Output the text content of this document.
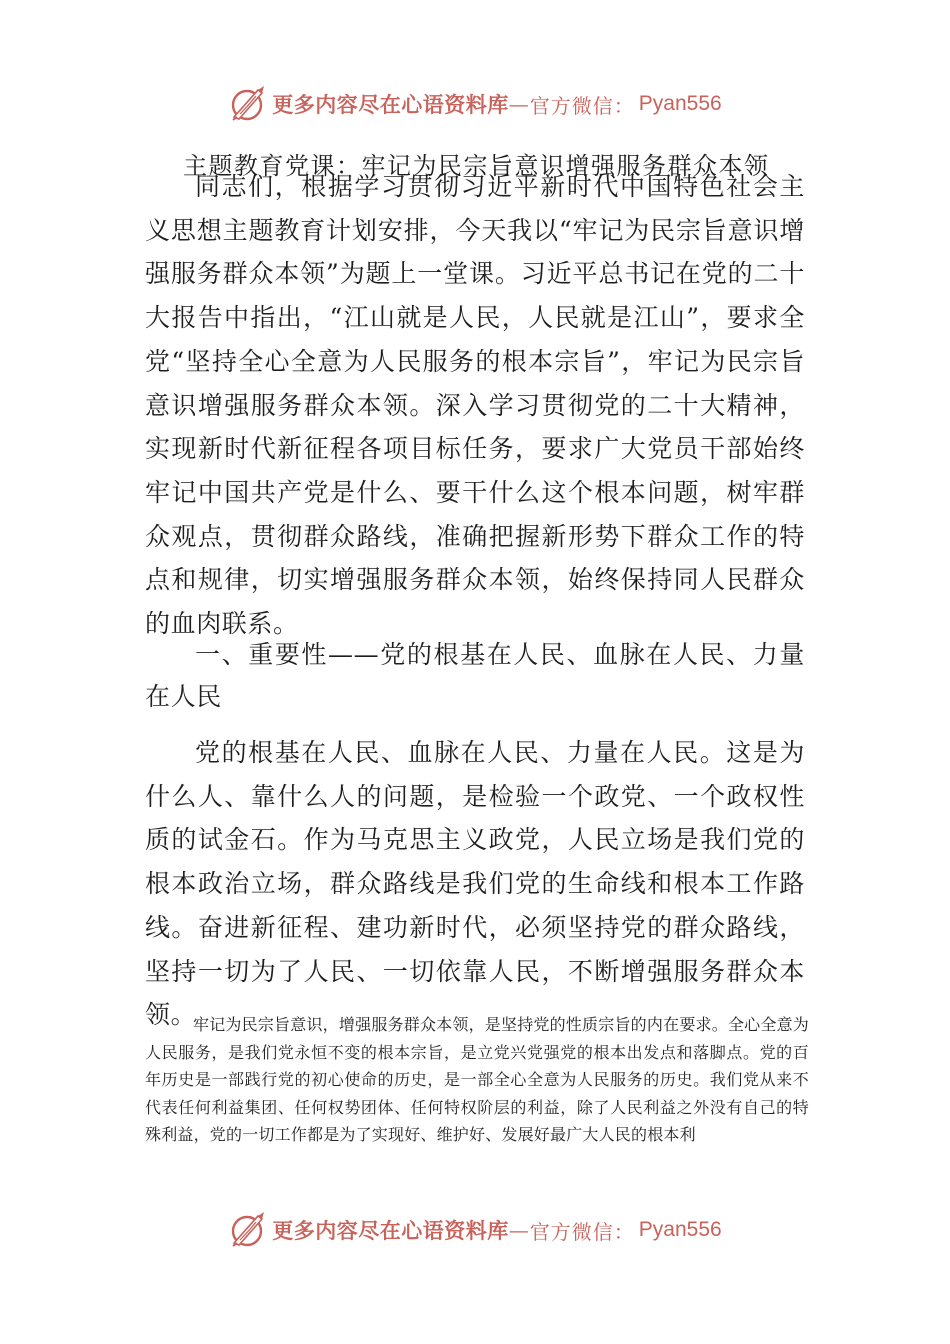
更多内容尽在心语资料库 — 官方微信： Pyan556
主题教育党课：牢记为民宗旨意识增强服务群众本领
同志们，根据学习贯彻习近平新时代中国特色社会主义思想主题教育计划安排，今天我以“牢记为民宗旨意识增强服务群众本领”为题上一堂课。习近平总书记在党的二十大报告中指出，“江山就是人民，人民就是江山”，要求全党“坚持全心全意为人民服务的根本宗旨”，牢记为民宗旨意识增强服务群众本领。深入学习贯彻党的二十大精神，实现新时代新征程各项目标任务，要求广大党员干部始终牢记中国共产党是什么、要干什么这个根本问题，树牢群众观点，贯彻群众路线，准确把握新形势下群众工作的特点和规律，切实增强服务群众本领，始终保持同人民群众的血肉联系。
一、重要性——党的根基在人民、血脉在人民、力量在人民
党的根基在人民、血脉在人民、力量在人民。这是为什么人、靠什么人的问题，是检验一个政党、一个政权性质的试金石。作为马克思主义政党，人民立场是我们党的根本政治立场，群众路线是我们党的生命线和根本工作路线。奋进新征程、建功新时代，必须坚持党的群众路线，坚持一切为了人民、一切依靠人民，不断增强服务群众本领。
牢记为民宗旨意识，增强服务群众本领，是坚持党的性质宗旨的内在要求。全心全意为人民服务，是我们党永恒不变的根本宗旨，是立党兴党强党的根本出发点和落脚点。党的百年历史是一部践行党的初心使命的历史，是一部全心全意为人民服务的历史。我们党从来不代表任何利益集团、任何权势团体、任何特权阶层的利益，除了人民利益之外没有自己的特殊利益，党的一切工作都是为了实现好、维护好、发展好最广大人民的根本利
更多内容尽在心语资料库 — 官方微信： Pyan556
